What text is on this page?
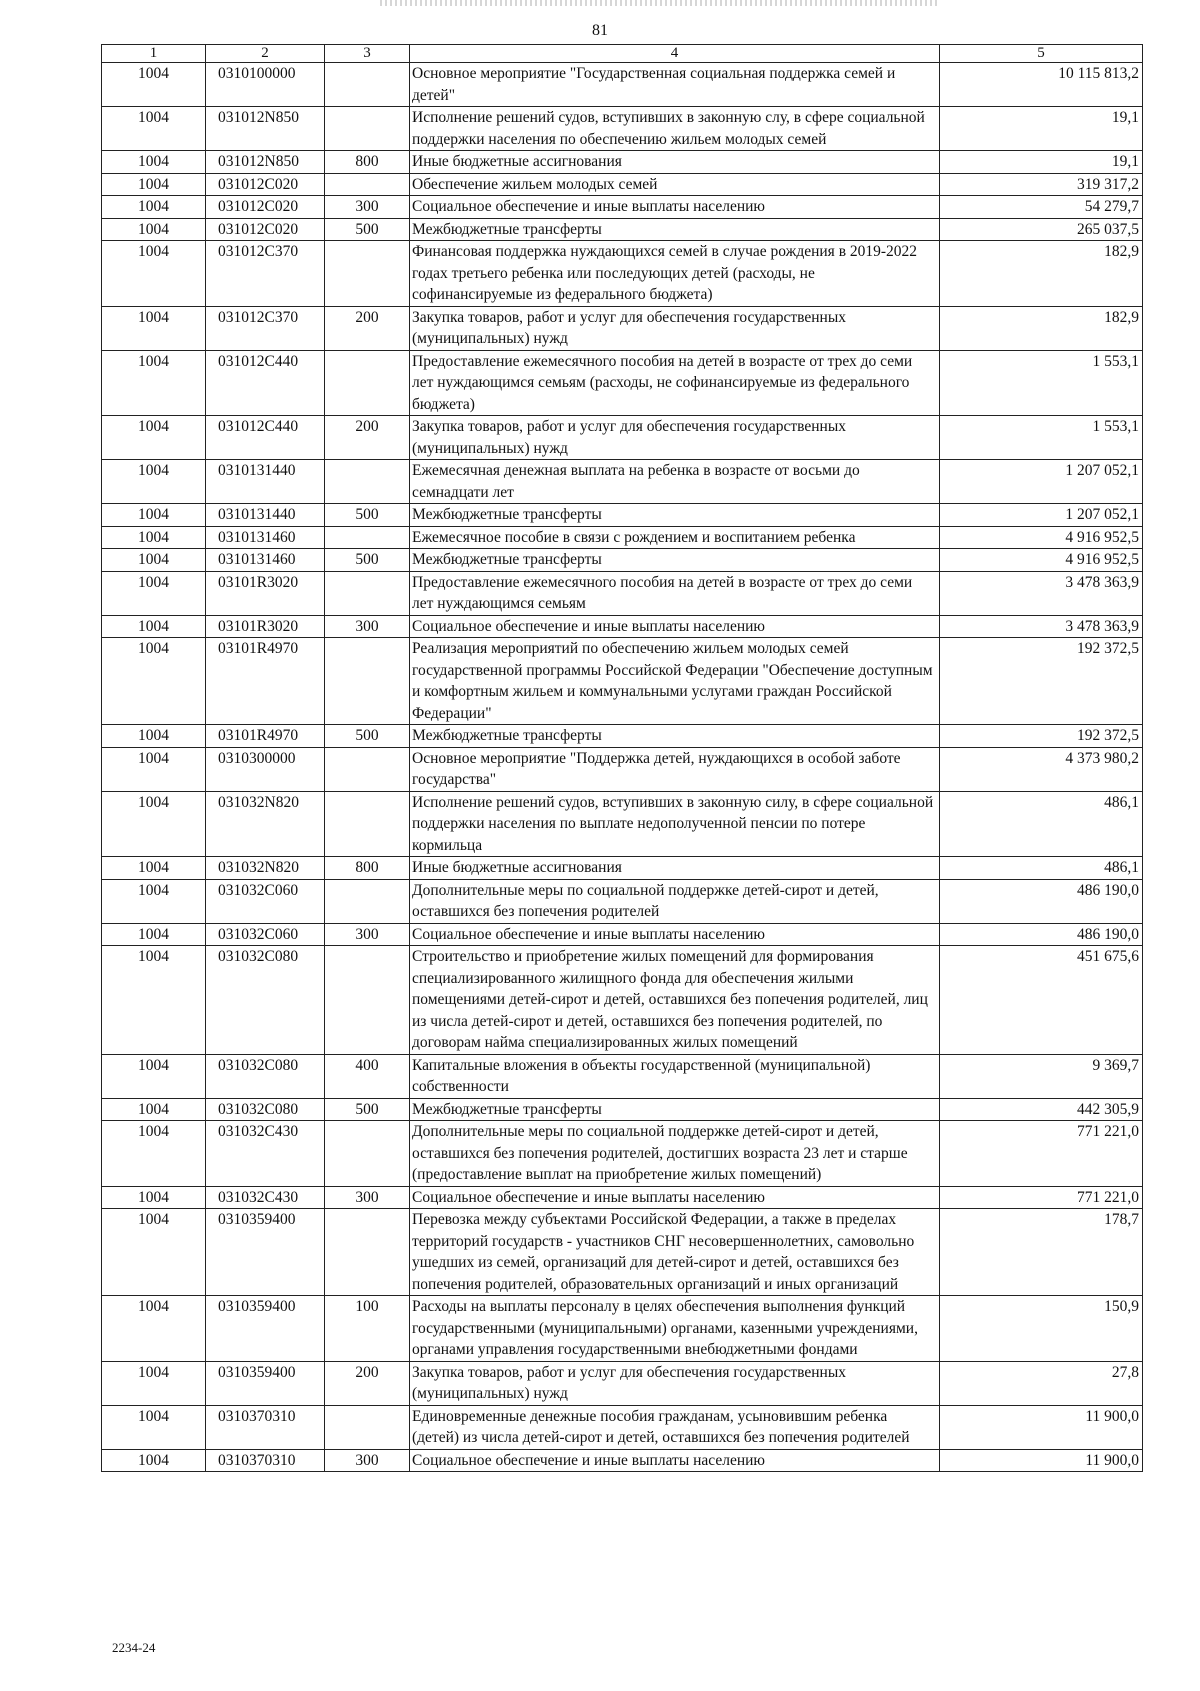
81
1	2	3	4	5
1004	0310100000		Основное мероприятие "Государственная социальная поддержка семей и детей"	10 115 813,2
1004	031012N850		Исполнение решений судов, вступивших в законную слу, в сфере социальной поддержки населения по обеспечению жильем молодых семей	19,1
1004	031012N850	800	Иные бюджетные ассигнования	19,1
1004	031012C020		Обеспечение жильем молодых семей	319 317,2
1004	031012C020	300	Социальное обеспечение и иные выплаты населению	54 279,7
1004	031012C020	500	Межбюджетные трансферты	265 037,5
1004	031012C370		Финансовая поддержка нуждающихся семей в случае рождения в 2019-2022 годах третьего ребенка или последующих детей (расходы, не софинансируемые из федерального бюджета)	182,9
1004	031012C370	200	Закупка товаров, работ и услуг для обеспечения государственных (муниципальных) нужд	182,9
1004	031012C440		Предоставление ежемесячного пособия на детей в возрасте от трех до семи лет нуждающимся семьям (расходы, не софинансируемые из федерального бюджета)	1 553,1
1004	031012C440	200	Закупка товаров, работ и услуг для обеспечения государственных (муниципальных) нужд	1 553,1
1004	0310131440		Ежемесячная денежная выплата на ребенка в возрасте от восьми до семнадцати лет	1 207 052,1
1004	0310131440	500	Межбюджетные трансферты	1 207 052,1
1004	0310131460		Ежемесячное пособие в связи с рождением и воспитанием ребенка	4 916 952,5
1004	0310131460	500	Межбюджетные трансферты	4 916 952,5
1004	03101R3020		Предоставление ежемесячного пособия на детей в возрасте от трех до семи лет нуждающимся семьям	3 478 363,9
1004	03101R3020	300	Социальное обеспечение и иные выплаты населению	3 478 363,9
1004	03101R4970		Реализация мероприятий по обеспечению жильем молодых семей государственной программы Российской Федерации "Обеспечение доступным и комфортным жильем и коммунальными услугами граждан Российской Федерации"	192 372,5
1004	03101R4970	500	Межбюджетные трансферты	192 372,5
1004	0310300000		Основное мероприятие "Поддержка детей, нуждающихся в особой заботе государства"	4 373 980,2
1004	031032N820		Исполнение решений судов, вступивших в законную силу, в сфере социальной поддержки населения по выплате недополученной пенсии по потере кормильца	486,1
1004	031032N820	800	Иные бюджетные ассигнования	486,1
1004	031032C060		Дополнительные меры по социальной поддержке детей-сирот и детей, оставшихся без попечения родителей	486 190,0
1004	031032C060	300	Социальное обеспечение и иные выплаты населению	486 190,0
1004	031032C080		Строительство и приобретение жилых помещений для формирования специализированного жилищного фонда для обеспечения жилыми помещениями детей-сирот и детей, оставшихся без попечения родителей, лиц из числа детей-сирот и детей, оставшихся без попечения родителей, по договорам найма специализированных жилых помещений	451 675,6
1004	031032C080	400	Капитальные вложения в объекты государственной (муниципальной) собственности	9 369,7
1004	031032C080	500	Межбюджетные трансферты	442 305,9
1004	031032C430		Дополнительные меры по социальной поддержке детей-сирот и детей, оставшихся без попечения родителей, достигших возраста 23 лет и старше (предоставление выплат на приобретение жилых помещений)	771 221,0
1004	031032C430	300	Социальное обеспечение и иные выплаты населению	771 221,0
1004	0310359400		Перевозка между субъектами Российской Федерации, а также в пределах территорий государств - участников СНГ несовершеннолетних, самовольно ушедших из семей, организаций для детей-сирот и детей, оставшихся без попечения родителей, образовательных организаций и иных организаций	178,7
1004	0310359400	100	Расходы на выплаты персоналу в целях обеспечения выполнения функций государственными (муниципальными) органами, казенными учреждениями, органами управления государственными внебюджетными фондами	150,9
1004	0310359400	200	Закупка товаров, работ и услуг для обеспечения государственных (муниципальных) нужд	27,8
1004	0310370310		Единовременные денежные пособия гражданам, усыновившим ребенка (детей) из числа детей-сирот и детей, оставшихся без попечения родителей	11 900,0
1004	0310370310	300	Социальное обеспечение и иные выплаты населению	11 900,0
2234-24
